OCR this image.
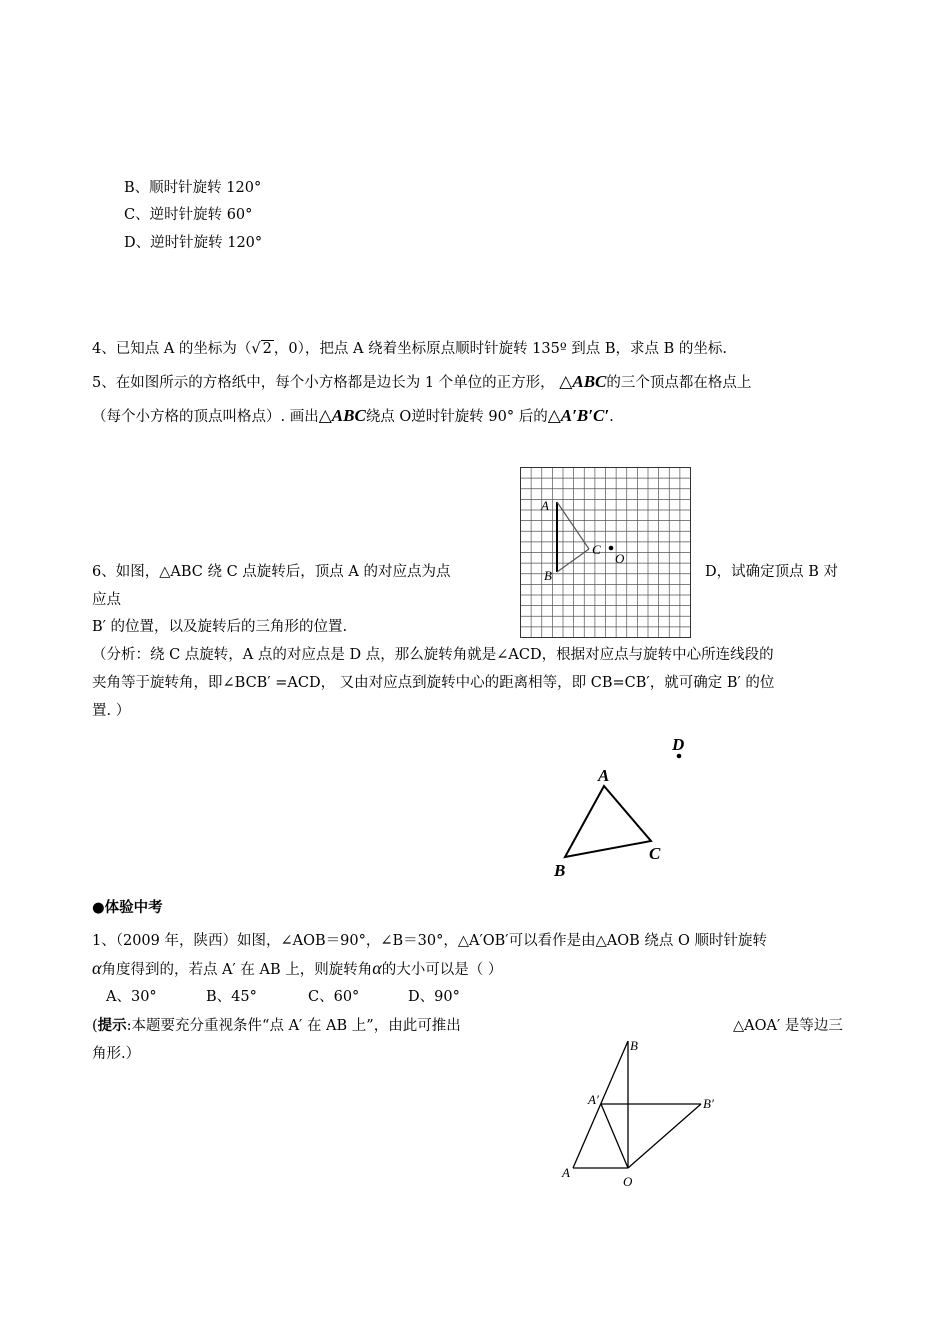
B、顺时针旋转 120°
C、逆时针旋转 60°
D、逆时针旋转 120°
4、已知点 A 的坐标为（√ 2 ，0），把点 A 绕着坐标原点顺时针旋转 135º 到点 B，求点 B 的坐标.
5、在如图所示的方格纸中，每个小方格都是边长为 1 个单位的正方形， △ABC的三个顶点都在格点上
（每个小方格的顶点叫格点）. 画出△ABC绕点 O逆时针旋转 90° 后的△A′B′C′.
A
B
C
O
6、如图，△ABC 绕 C 点旋转后，顶点 A 的对应点为点	D，试确定顶点 B 对
应点
B′ 的位置，以及旋转后的三角形的位置.
（分析：绕 C 点旋转，A 点的对应点是 D 点，那么旋转角就是∠ACD，根据对应点与旋转中心所连线段的
夹角等于旋转角，即∠BCB′ =ACD， 又由对应点到旋转中心的距离相等，即 CB=CB′，就可确定 B′ 的位
置. ）
A
B
C
D
●体验中考
1、（2009 年，陕西）如图，∠AOB＝90°，∠B＝30°，△A′OB′可以看作是由△AOB 绕点 O 顺时针旋转
α角度得到的，若点 A′ 在 AB 上，则旋转角α的大小可以是（ ）
A、30°	B、45°	C、60°	D、90°
(提示:本题要充分重视条件“点 A′ 在 AB 上”，由此可推出	△AOA′ 是等边三
角形.）
B
A′	B′
A
O
